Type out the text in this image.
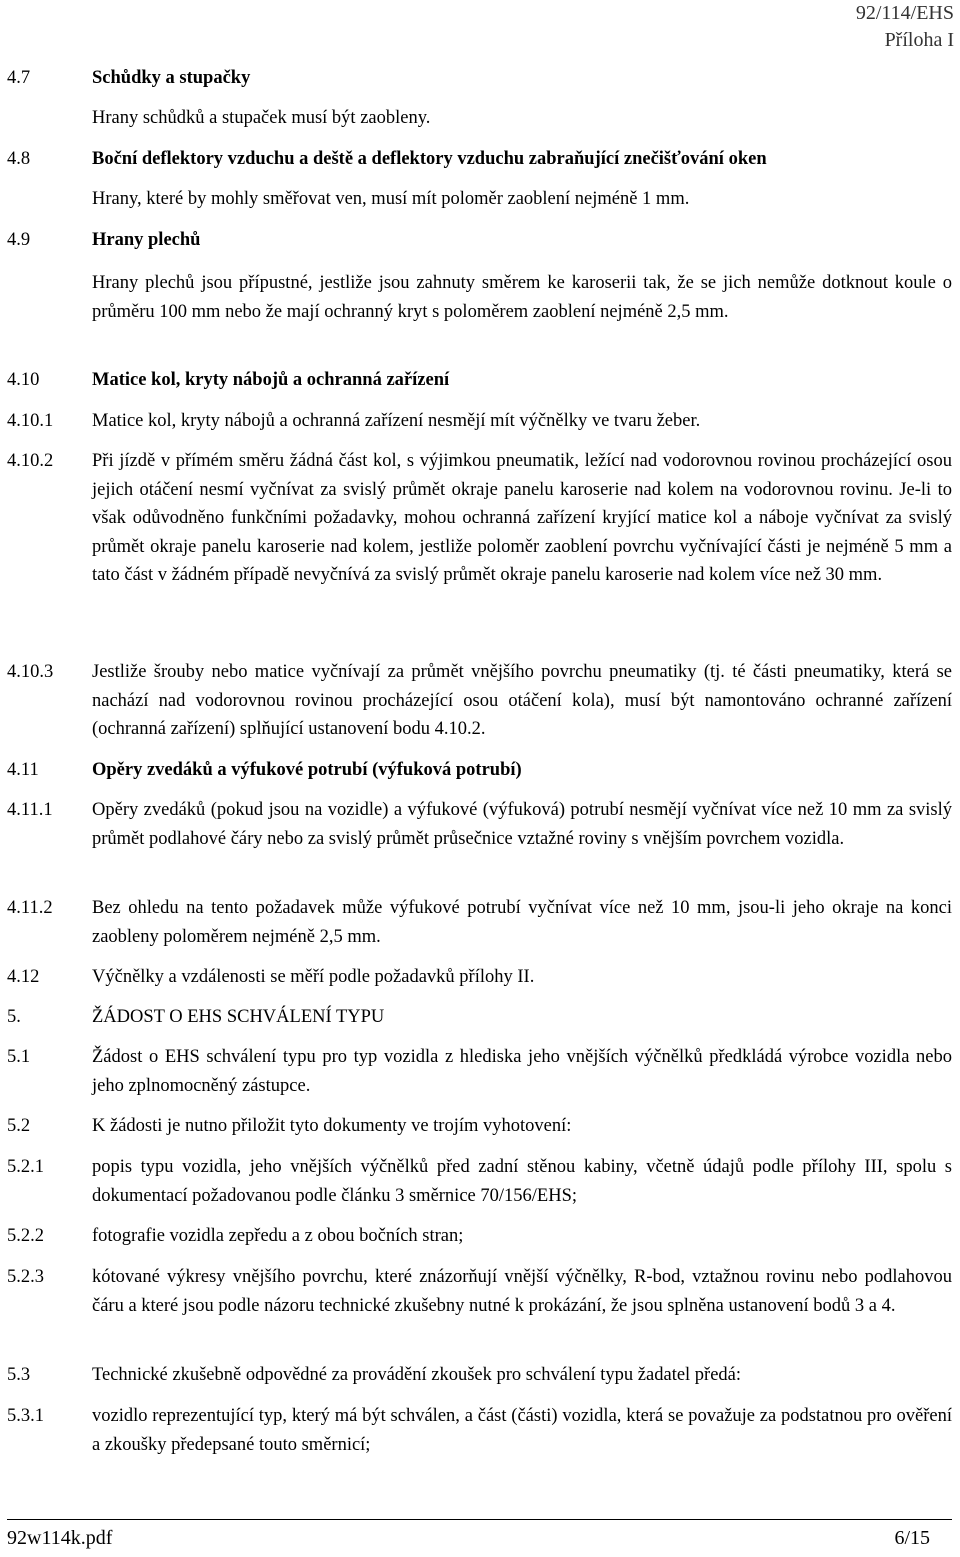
92/114/EHS
Příloha I
4.7	Schůdky a stupačky
Hrany schůdků a stupaček musí být zaobleny.
4.8	Boční deflektory vzduchu a deště a deflektory vzduchu zabraňující znečišťování oken
Hrany, které by mohly směřovat ven, musí mít poloměr zaoblení nejméně 1 mm.
4.9	Hrany plechů
Hrany plechů jsou přípustné, jestliže jsou zahnuty směrem ke karoserii tak, že se jich nemůže dotknout koule o průměru 100 mm nebo že mají ochranný kryt s poloměrem zaoblení nejméně 2,5 mm.
4.10	Matice kol, kryty nábojů a ochranná zařízení
4.10.1 Matice kol, kryty nábojů a ochranná zařízení nesmějí mít výčnělky ve tvaru žeber.
4.10.2 Při jízdě v přímém směru žádná část kol, s výjimkou pneumatik, ležící nad vodorovnou rovinou procházející osou jejich otáčení nesmí vyčnívat za svislý průmět okraje panelu karoserie nad kolem na vodorovnou rovinu. Je-li to však odůvodněno funkčními požadavky, mohou ochranná zařízení kryjící matice kol a náboje vyčnívat za svislý průmět okraje panelu karoserie nad kolem, jestliže poloměr zaoblení povrchu vyčnívající části je nejméně 5 mm a tato část v žádném případě nevyčnívá za svislý průmět okraje panelu karoserie nad kolem více než 30 mm.
4.10.3 Jestliže šrouby nebo matice vyčnívají za průmět vnějšího povrchu pneumatiky (tj. té části pneumatiky, která se nachází nad vodorovnou rovinou procházející osou otáčení kola), musí být namontováno ochranné zařízení (ochranná zařízení) splňující ustanovení bodu 4.10.2.
4.11	Opěry zvedáků a výfukové potrubí (výfuková potrubí)
4.11.1 Opěry zvedáků (pokud jsou na vozidle) a výfukové (výfuková) potrubí nesmějí vyčnívat více než 10 mm za svislý průmět podlahové čáry nebo za svislý průmět průsečnice vztažné roviny s vnějším povrchem vozidla.
4.11.2 Bez ohledu na tento požadavek může výfukové potrubí vyčnívat více než 10 mm, jsou-li jeho okraje na konci zaobleny poloměrem nejméně 2,5 mm.
4.12	Výčnělky a vzdálenosti se měří podle požadavků přílohy II.
5.	ŽÁDOST O EHS SCHVÁLENÍ TYPU
5.1	Žádost o EHS schválení typu pro typ vozidla z hlediska jeho vnějších výčnělků předkládá výrobce vozidla nebo jeho zplnomocněný zástupce.
5.2	K žádosti je nutno přiložit tyto dokumenty ve trojím vyhotovení:
5.2.1	popis typu vozidla, jeho vnějších výčnělků před zadní stěnou kabiny, včetně údajů podle přílohy III, spolu s dokumentací požadovanou podle článku 3 směrnice 70/156/EHS;
5.2.2	fotografie vozidla zepředu a z obou bočních stran;
5.2.3	kótované výkresy vnějšího povrchu, které znázorňují vnější výčnělky, R-bod, vztažnou rovinu nebo podlahovou čáru a které jsou podle názoru technické zkušebny nutné k prokázání, že jsou splněna ustanovení bodů 3 a 4.
5.3	Technické zkušebně odpovědné za provádění zkoušek pro schválení typu žadatel předá:
5.3.1	vozidlo reprezentující typ, který má být schválen, a část (části) vozidla, která se považuje za podstatnou pro ověření a zkoušky předepsané touto směrnicí;
92w114k.pdf	6/15
